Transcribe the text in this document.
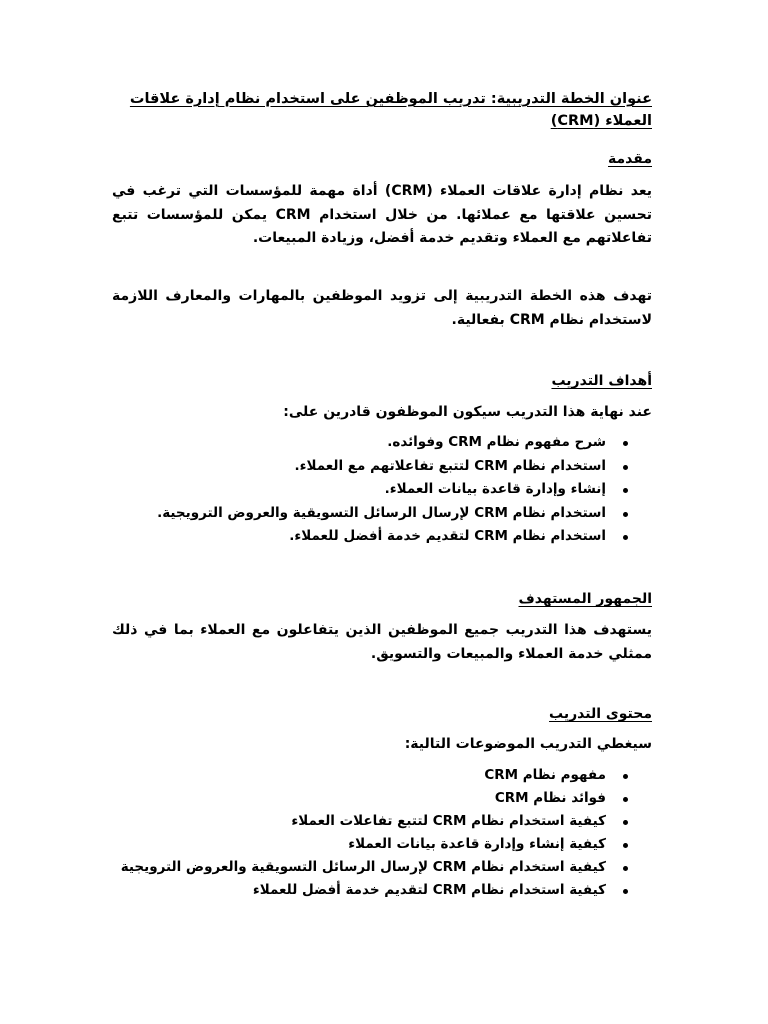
عنوان الخطة التدريبية: تدريب الموظفين على استخدام نظام إدارة علاقات العملاء (CRM)
مقدمة
يعد نظام إدارة علاقات العملاء (CRM) أداة مهمة للمؤسسات التي ترغب في تحسين علاقتها مع عملائها. من خلال استخدام CRM يمكن للمؤسسات تتبع تفاعلاتهم مع العملاء وتقديم خدمة أفضل، وزيادة المبيعات.
تهدف هذه الخطة التدريبية إلى تزويد الموظفين بالمهارات والمعارف اللازمة لاستخدام نظام CRM بفعالية.
أهداف التدريب
عند نهاية هذا التدريب سيكون الموظفون قادرين على:
شرح مفهوم نظام CRM وفوائده.
استخدام نظام CRM لتتبع تفاعلاتهم مع العملاء.
إنشاء وإدارة قاعدة بيانات العملاء.
استخدام نظام CRM لإرسال الرسائل التسويقية والعروض الترويجية.
استخدام نظام CRM لتقديم خدمة أفضل للعملاء.
الجمهور المستهدف
يستهدف هذا التدريب جميع الموظفين الذين يتفاعلون مع العملاء بما في ذلك ممثلي خدمة العملاء والمبيعات والتسويق.
محتوى التدريب
سيغطي التدريب الموضوعات التالية:
مفهوم نظام CRM
فوائد نظام CRM
كيفية استخدام نظام CRM لتتبع تفاعلات العملاء
كيفية إنشاء وإدارة قاعدة بيانات العملاء
كيفية استخدام نظام CRM لإرسال الرسائل التسويقية والعروض الترويجية
كيفية استخدام نظام CRM لتقديم خدمة أفضل للعملاء
